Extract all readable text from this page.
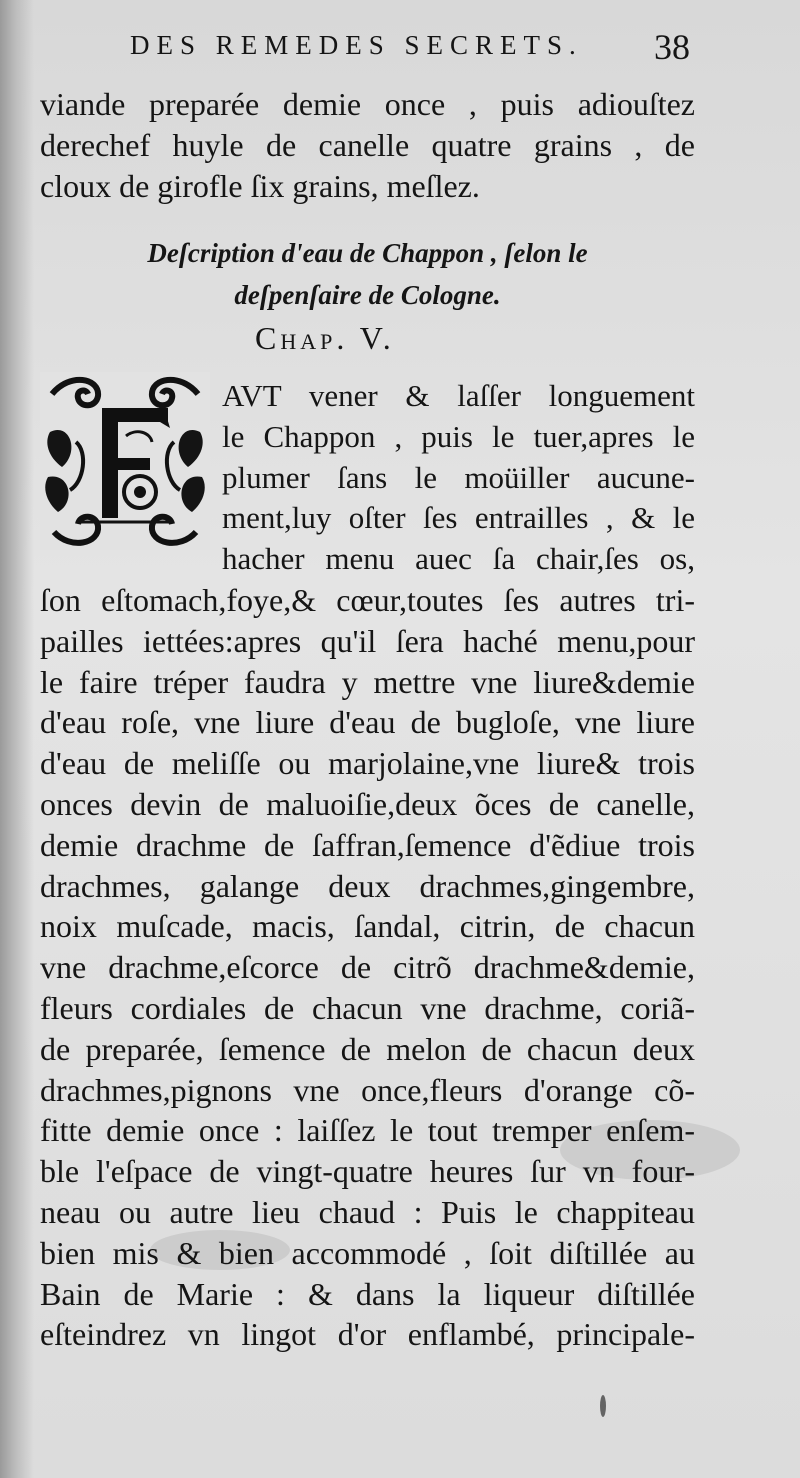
DES REMEDES SECRETS. 38
viande preparée demie once , puis adiouſtez
derechef huyle de canelle quatre grains , de
cloux de girofle ſix grains, meſlez.
Deſcription d'eau de Chappon , ſelon le
deſpenſaire de Cologne.
Chap. V.
AVT vener & laſſer longuement
le Chappon , puis le tuer,apres le
plumer ſans le moüiller aucune-
ment,luy oſter ſes entrailles , & le
hacher menu auec ſa chair,ſes os,
ſon eſtomach,foye,& cœur,toutes ſes autres tri-
pailles iettées:apres qu'il ſera haché menu,pour
le faire tréper faudra y mettre vne liure&demie
d'eau roſe, vne liure d'eau de bugloſe, vne liure
d'eau de meliſſe ou marjolaine,vne liure& trois
onces devin de maluoiſie,deux õces de canelle,
demie drachme de ſaffran,ſemence d'ẽdiue trois
drachmes, galange deux drachmes,gingembre,
noix muſcade, macis, ſandal, citrin, de chacun
vne drachme,eſcorce de citrõ drachme&demie,
fleurs cordiales de chacun vne drachme, coriã-
de preparée, ſemence de melon de chacun deux
drachmes,pignons vne once,fleurs d'orange cõ-
fitte demie once : laiſſez le tout tremper enſem-
ble l'eſpace de vingt-quatre heures ſur vn four-
neau ou autre lieu chaud : Puis le chappiteau
bien mis & bien accommodé , ſoit diſtillée au
Bain de Marie : & dans la liqueur diſtillée
eſteindrez vn lingot d'or enflambé, principale-
